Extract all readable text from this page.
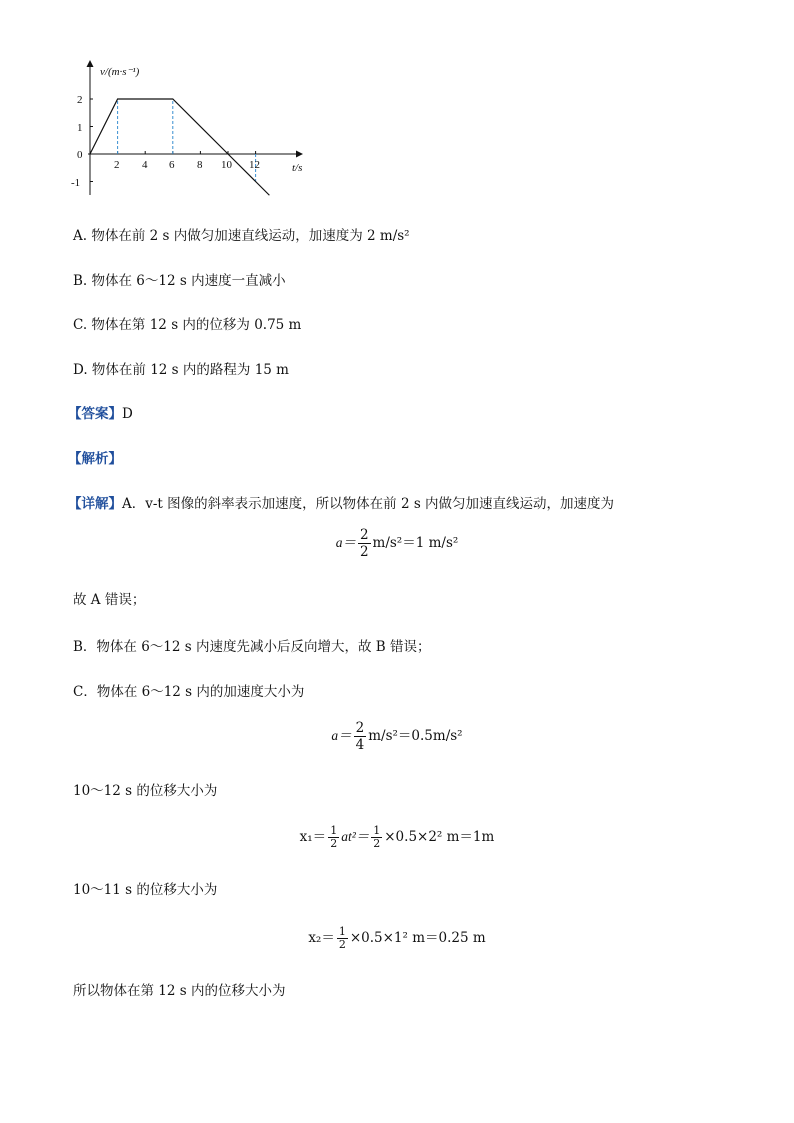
v/(m·s⁻¹)
t/s
0
2
1
-1
2 4 6 8 10 12
A. 物体在前 2 s 内做匀加速直线运动，加速度为 2 m/s²
B. 物体在 6～12 s 内速度一直减小
C. 物体在第 12 s 内的位移为 0.75 m
D. 物体在前 12 s 内的路程为 15 m
【答案】D
【解析】
【详解】A．v-t 图像的斜率表示加速度，所以物体在前 2 s 内做匀加速直线运动，加速度为
$a= \frac{2}{2} m/s^2=1$ m/s²
故 A 错误；
B．物体在 6～12 s 内速度先减小后反向增大，故 B 错误；
C．物体在 6～12 s 内的加速度大小为
$a= \frac{2}{4} m/s^2=0.5m/s^2$
10～12 s 的位移大小为
$x_1= \frac{1}{2} at^2= \frac{1}{2} \times 0.5\times 2^2$ m＝1m
10～11 s 的位移大小为
$x_2= \frac{1}{2} \times 0.5\times 1^2$ m＝0.25 m
所以物体在第 12 s 内的位移大小为
